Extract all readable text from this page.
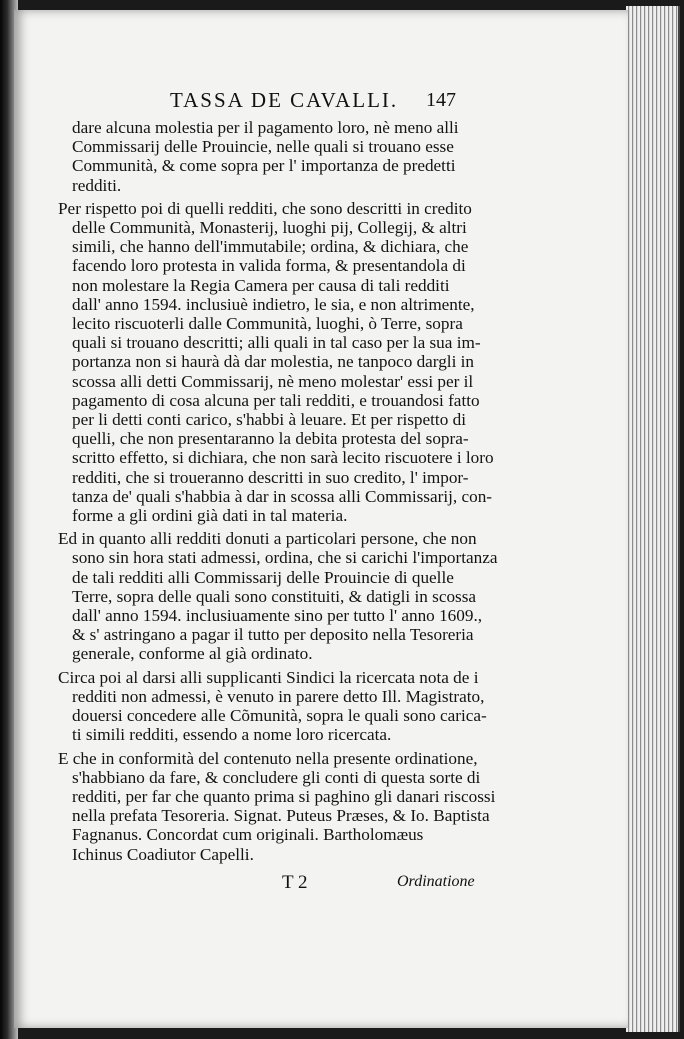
TASSA DE CAVALLI. 147
dare alcuna molestia per il pagamento loro, nè meno alli
Commissarij delle Prouincie, nelle quali si trouano esse
Communità, & come sopra per l' importanza de predetti
redditi.
Per rispetto poi di quelli redditi, che sono descritti in credito
delle Communità, Monasterij, luoghi pij, Collegij, & altri
simili, che hanno dell'immutabile; ordina, & dichiara, che
facendo loro protesta in valida forma, & presentandola di
non molestare la Regia Camera per causa di tali redditi
dall' anno 1594. inclusiuè indietro, le sia, e non altrimente,
lecito riscuoterli dalle Communità, luoghi, ò Terre, sopra
quali si trouano descritti; alli quali in tal caso per la sua im-
portanza non si haurà dà dar molestia, ne tanpoco dargli in
scossa alli detti Commissarij, nè meno molestar' essi per il
pagamento di cosa alcuna per tali redditi, e trouandosi fatto
per li detti conti carico, s'habbi à leuare. Et per rispetto di
quelli, che non presentaranno la debita protesta del sopra-
scritto effetto, si dichiara, che non sarà lecito riscuotere i loro
redditi, che si troueranno descritti in suo credito, l' impor-
tanza de' quali s'habbia à dar in scossa alli Commissarij, con-
forme a gli ordini già dati in tal materia.
Ed in quanto alli redditi donuti a particolari persone, che non
sono sin hora stati admessi, ordina, che si carichi l'importanza
de tali redditi alli Commissarij delle Prouincie di quelle
Terre, sopra delle quali sono constituiti, & datigli in scossa
dall' anno 1594. inclusiuamente sino per tutto l' anno 1609.,
& s' astringano a pagar il tutto per deposito nella Tesoreria
generale, conforme al già ordinato.
Circa poi al darsi alli supplicanti Sindici la ricercata nota de i
redditi non admessi, è venuto in parere detto Ill. Magistrato,
douersi concedere alle Cõmunità, sopra le quali sono carica-
ti simili redditi, essendo a nome loro ricercata.
E che in conformità del contenuto nella presente ordinatione,
s'habbiano da fare, & concludere gli conti di questa sorte di
redditi, per far che quanto prima si paghino gli danari riscossi
nella prefata Tesoreria. Signat. Puteus Præses, & Io. Baptista
Fagnanus. Concordat cum originali. Bartholomæus
Ichinus Coadiutor Capelli.
T 2	Ordinatione
